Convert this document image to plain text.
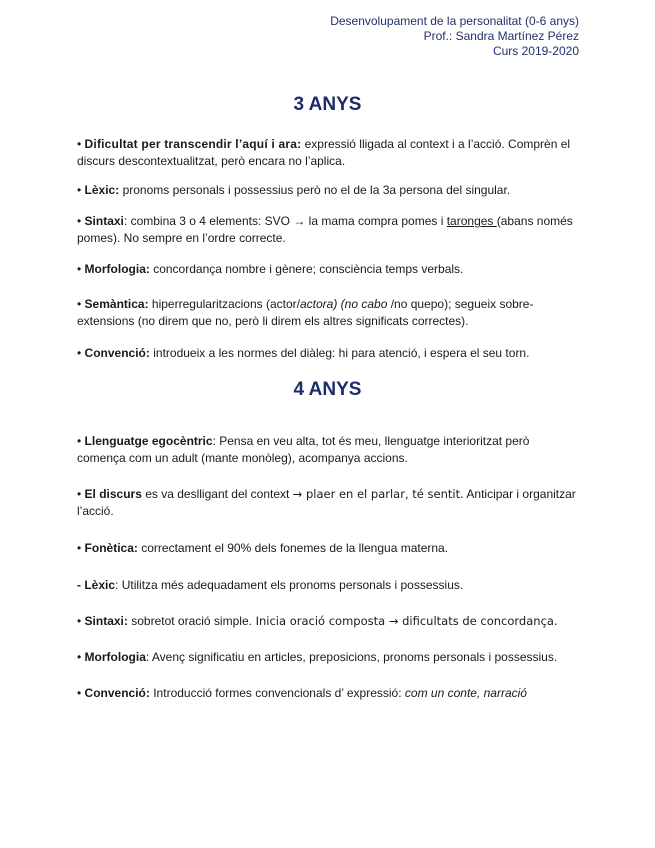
Desenvolupament de la personalitat (0-6 anys)
Prof.: Sandra Martínez Pérez
Curs 2019-2020
3 ANYS
• Dificultat per transcendir l’aquí i ara: expressió lligada al context i a l’acció. Comprèn el discurs descontextualitzat, però encara no l’aplica.
• Lèxic: pronoms personals i possessius però no el de la 3a persona del singular.
• Sintaxi: combina 3 o 4 elements: SVO → la mama compra pomes i taronges (abans només pomes). No sempre en l’ordre correcte.
• Morfologia: concordança nombre i gènere; consciència temps verbals.
• Semàntica: hiperregularitzacions (actor/actora) (no cabo /no quepo); segueix sobre-extensions (no direm que no, però li direm els altres significats correctes).
• Convenció: introdueix a les normes del diàleg: hi para atenció, i espera el seu torn.
4 ANYS
• Llenguatge egocèntric: Pensa en veu alta, tot és meu, llenguatge interioritzat però comença com un adult (mante monòleg), acompanya accions.
• El discurs es va deslligant del context → plaer en el parlar, té sentit. Anticipar i organitzar l’acció.
• Fonètica: correctament el 90% dels fonemes de la llengua materna.
- Lèxic: Utilitza més adequadament els pronoms personals i possessius.
• Sintaxi: sobretot oració simple. Inicia oració composta → dificultats de concordança.
• Morfologia: Avenç significatiu en articles, preposicions, pronoms personals i possessius.
• Convenció: Introducció formes convencionals d’ expressió: com un conte, narració
